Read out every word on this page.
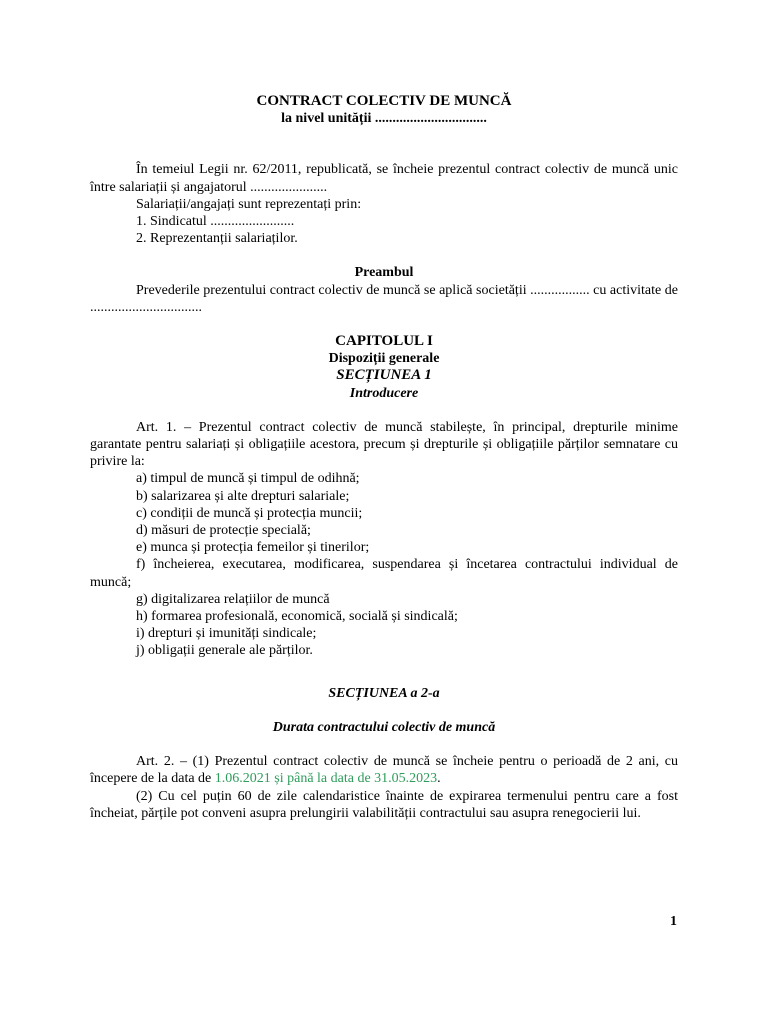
CONTRACT COLECTIV DE MUNCĂ
la nivel unității ................................
În temeiul Legii nr. 62/2011, republicată, se încheie prezentul contract colectiv de muncă unic între salariații și angajatorul ......................
Salariații/angajați sunt reprezentați prin:
1. Sindicatul ........................
2. Reprezentanții salariaților.
Preambul
Prevederile prezentului contract colectiv de muncă se aplică societății ................. cu activitate de ................................
CAPITOLUL I
Dispoziții generale
SECȚIUNEA 1
Introducere
Art. 1. – Prezentul contract colectiv de muncă stabilește, în principal, drepturile minime garantate pentru salariați și obligațiile acestora, precum și drepturile și obligațiile părților semnatare cu privire la:
a) timpul de muncă și timpul de odihnă;
b) salarizarea și alte drepturi salariale;
c) condiții de muncă și protecția muncii;
d) măsuri de protecție specială;
e) munca și protecția femeilor și tinerilor;
f) încheierea, executarea, modificarea, suspendarea și încetarea contractului individual de muncă;
g) digitalizarea relațiilor de muncă
h) formarea profesională, economică, socială și sindicală;
i) drepturi și imunități sindicale;
j) obligații generale ale părților.
SECȚIUNEA a 2-a
Durata contractului colectiv de muncă
Art. 2. – (1) Prezentul contract colectiv de muncă se încheie pentru o perioadă de 2 ani, cu începere de la data de 1.06.2021 și până la data de 31.05.2023.
(2) Cu cel puțin 60 de zile calendaristice înainte de expirarea termenului pentru care a fost încheiat, părțile pot conveni asupra prelungirii valabilității contractului sau asupra renegocierii lui.
1
